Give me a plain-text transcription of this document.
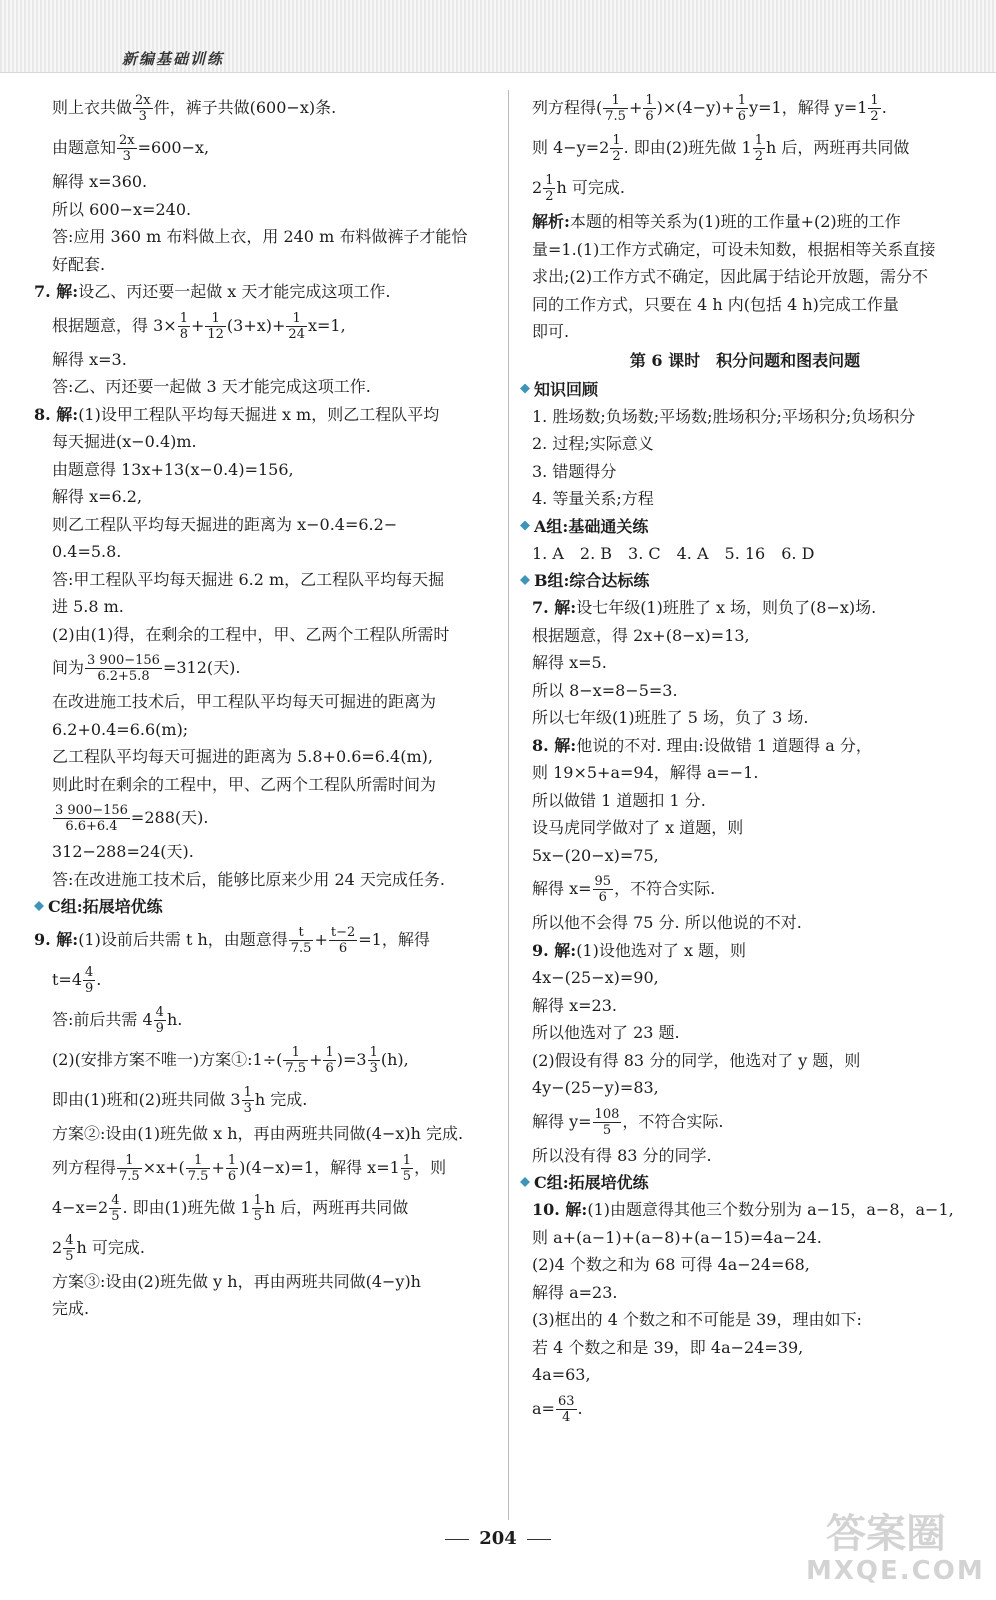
新编基础训练
则上衣共做 $\frac{2x}{3}$ 件，裤子共做(600−x)条.
由题意知 $\frac{2x}{3} =600-x$,
解得 x=360.
所以 600−x=240.
答:应用 360 m 布料做上衣，用 240 m 布料做裤子才能恰
好配套.
7. 解:设乙、丙还要一起做 x 天才能完成这项工作.
根据题意，得 $3\times \frac{1}{8} + \frac{1}{12} (3+x)+ \frac{1}{24} x=1$,
解得 x=3.
答:乙、丙还要一起做 3 天才能完成这项工作.
8. 解:(1)设甲工程队平均每天掘进 x m，则乙工程队平均
每天掘进(x−0.4)m.
由题意得 13x+13(x−0.4)=156,
解得 x=6.2,
则乙工程队平均每天掘进的距离为 x−0.4=6.2−
0.4=5.8.
答:甲工程队平均每天掘进 6.2 m，乙工程队平均每天掘
进 5.8 m.
(2)由(1)得，在剩余的工程中，甲、乙两个工程队所需时
间为 $\frac{3 900-156}{6.2+5.8} =312$(天).
在改进施工技术后，甲工程队平均每天可掘进的距离为
6.2+0.4=6.6(m);
乙工程队平均每天可掘进的距离为 5.8+0.6=6.4(m),
则此时在剩余的工程中，甲、乙两个工程队所需时间为
$\frac{3 900-156}{6.6+6.4} =288$(天).
312−288=24(天).
答:在改进施工技术后，能够比原来少用 24 天完成任务.
C组:拓展培优练
9. 解:(1)设前后共需 t h，由题意得 $\frac{t}{7.5} + \frac{t-2}{6} =1$，解得
$t=4 \frac{4}{9}$ .
答:前后共需 $4 \frac{4}{9} h$.
(2)(安排方案不唯一)方案①:1÷( $\frac{1}{7.5} + \frac{1}{6} )=3 \frac{1}{3} (h)$,
即由(1)班和(2)班共同做 $3 \frac{1}{3}$ h 完成.
方案②:设由(1)班先做 x h，再由两班共同做(4−x)h 完成.
列方程得 $\frac{1}{7.5} \times x+( \frac{1}{7.5} + \frac{1}{6} )(4-x)=1$，解得 $x=1 \frac{1}{5}$ ，则
$4-x=2 \frac{4}{5}$ . 即由(1)班先做 $1 \frac{1}{5}$ h 后，两班再共同做
$2 \frac{4}{5}$ h 可完成.
方案③:设由(2)班先做 y h，再由两班共同做(4−y)h
完成.
列方程得( $\frac{1}{7.5} + \frac{1}{6} )\times(4-y)+ \frac{1}{6} y=1$，解得 $y=1 \frac{1}{2}$ .
则 $4-y=2 \frac{1}{2}$ . 即由(2)班先做 $1 \frac{1}{2}$ h 后，两班再共同做
$2 \frac{1}{2}$ h 可完成.
解析:本题的相等关系为(1)班的工作量+(2)班的工作
量=1.(1)工作方式确定，可设未知数，根据相等关系直接
求出;(2)工作方式不确定，因此属于结论开放题，需分不
同的工作方式，只要在 4 h 内(包括 4 h)完成工作量
即可.
第 6 课时　积分问题和图表问题
知识回顾
1. 胜场数;负场数;平场数;胜场积分;平场积分;负场积分
2. 过程;实际意义
3. 错题得分
4. 等量关系;方程
A组:基础通关练
1. A　2. B　3. C　4. A　5. 16　6. D
B组:综合达标练
7. 解:设七年级(1)班胜了 x 场，则负了(8−x)场.
根据题意，得 2x+(8−x)=13,
解得 x=5.
所以 8−x=8−5=3.
所以七年级(1)班胜了 5 场，负了 3 场.
8. 解:他说的不对. 理由:设做错 1 道题得 a 分，
则 19×5+a=94，解得 a=−1.
所以做错 1 道题扣 1 分.
设马虎同学做对了 x 道题，则
5x−(20−x)=75,
解得 $x= \frac{95}{6}$ ，不符合实际.
所以他不会得 75 分. 所以他说的不对.
9. 解:(1)设他选对了 x 题，则
4x−(25−x)=90,
解得 x=23.
所以他选对了 23 题.
(2)假设有得 83 分的同学，他选对了 y 题，则
4y−(25−y)=83,
解得 $y= \frac{108}{5}$ ，不符合实际.
所以没有得 83 分的同学.
C组:拓展培优练
10. 解:(1)由题意得其他三个数分别为 a−15，a−8，a−1,
则 a+(a−1)+(a−8)+(a−15)=4a−24.
(2)4 个数之和为 68 可得 4a−24=68,
解得 a=23.
(3)框出的 4 个数之和不可能是 39，理由如下:
若 4 个数之和是 39，即 4a−24=39,
4a=63,
$a= \frac{63}{4}$ .
204	答案圈
MXQE.COM
